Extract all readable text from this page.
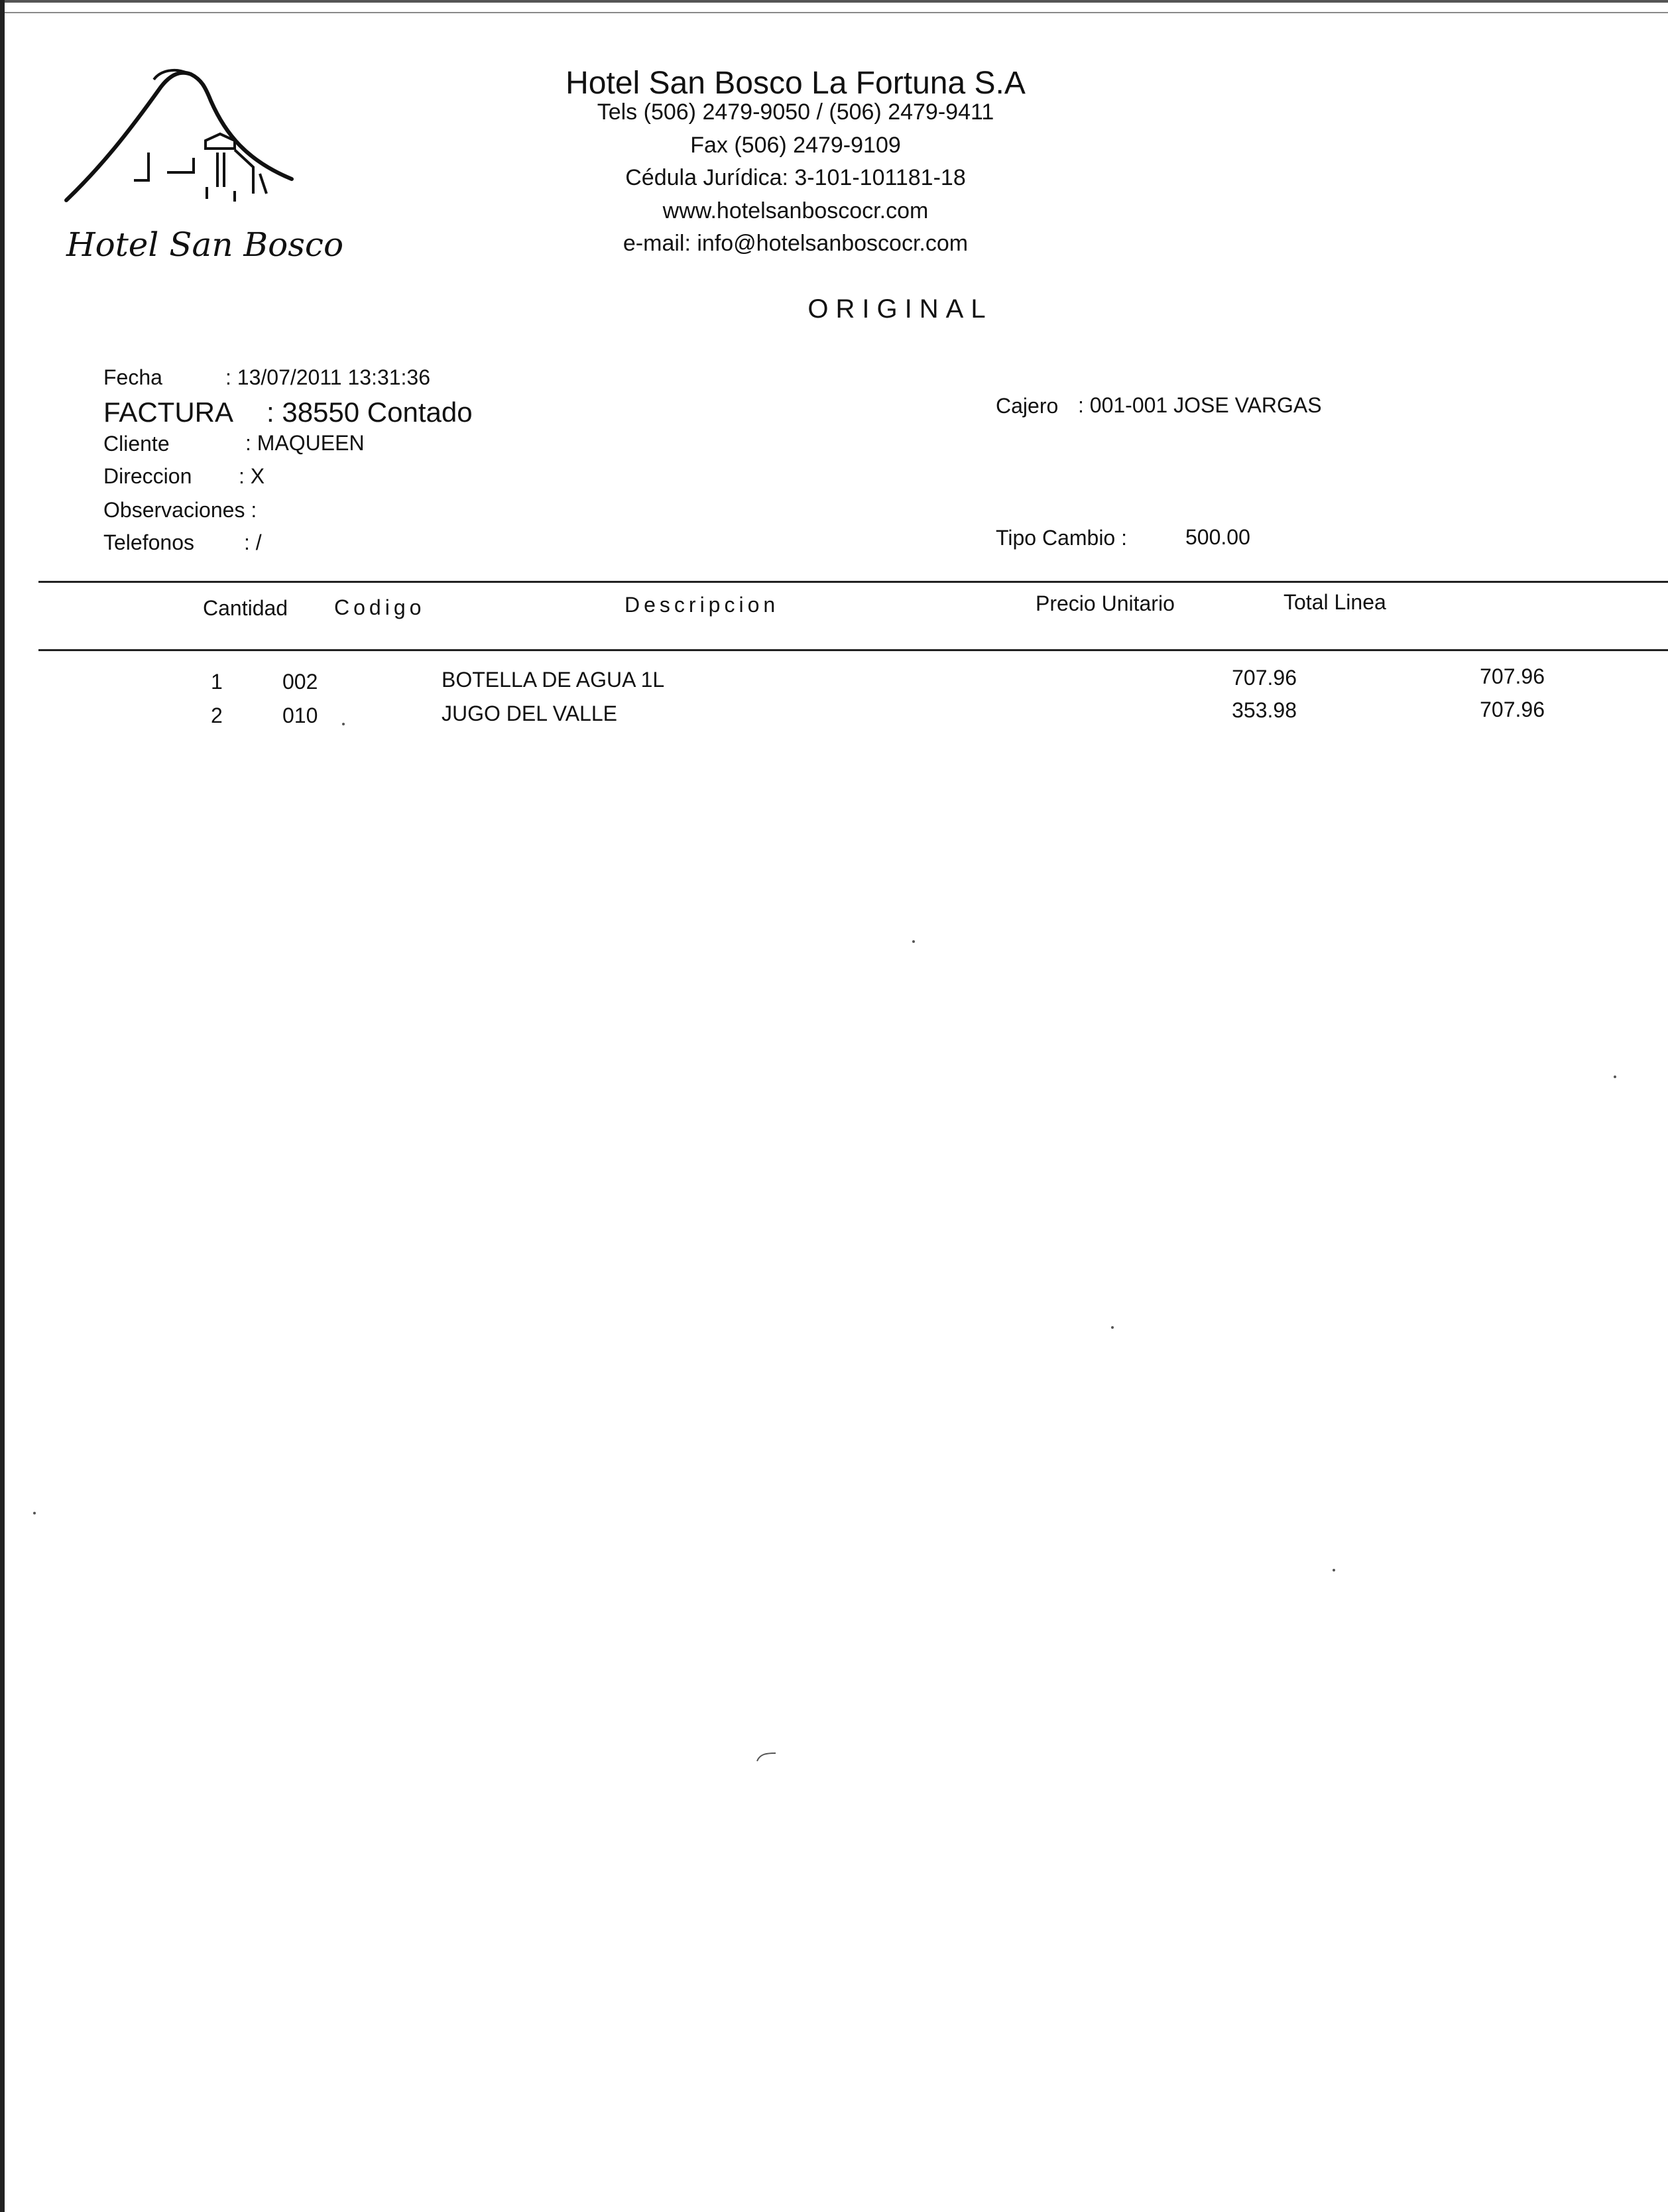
Hotel San Bosco
Hotel San Bosco La Fortuna S.A
Tels (506) 2479-9050 / (506) 2479-9411
Fax (506) 2479-9109
Cédula Jurídica: 3-101-101181-18
www.hotelsanboscocr.com
e-mail: info@hotelsanboscocr.com
ORIGINAL
Fecha	: 13/07/2011 13:31:36
FACTURA : 38550 Contado
Cliente	: MAQUEEN
Direccion : X
Observaciones :
Telefonos : /
Cajero : 001-001 JOSE VARGAS
Tipo Cambio :	500.00
Cantidad Codigo	Descripcion	Precio Unitario	Total Linea
1	002	BOTELLA DE AGUA 1L	707.96	707.96
2	010	JUGO DEL VALLE	353.98	707.96
